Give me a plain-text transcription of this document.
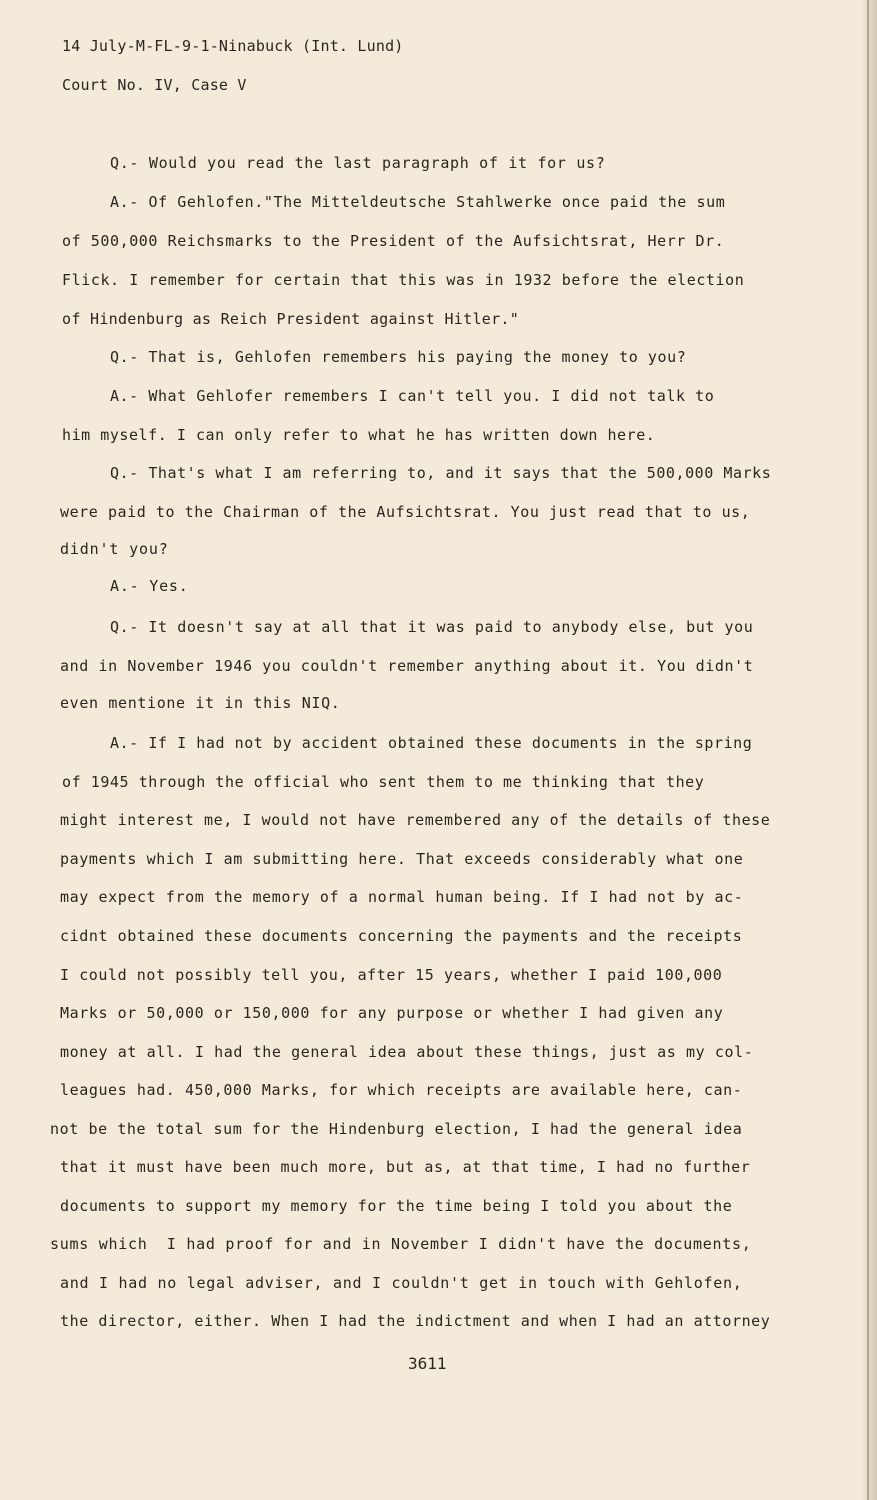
14 July-M-FL-9-1-Ninabuck (Int. Lund)
Court No. IV, Case V
Q.- Would you read the last paragraph of it for us?
A.- Of Gehlofen."The Mitteldeutsche Stahlwerke once paid the sum
of 500,000 Reichsmarks to the President of the Aufsichtsrat, Herr Dr.
Flick. I remember for certain that this was in 1932 before the election
of Hindenburg as Reich President against Hitler."
Q.- That is, Gehlofen remembers his paying the money to you?
A.- What Gehlofer remembers I can't tell you. I did not talk to
him myself. I can only refer to what he has written down here.
Q.- That's what I am referring to, and it says that the 500,000 Marks
were paid to the Chairman of the Aufsichtsrat. You just read that to us,
didn't you?
A.- Yes.
Q.- It doesn't say at all that it was paid to anybody else, but you
and in November 1946 you couldn't remember anything about it. You didn't
even mentione it in this NIQ.
A.- If I had not by accident obtained these documents in the spring
of 1945 through the official who sent them to me thinking that they
might interest me, I would not have remembered any of the details of these
payments which I am submitting here. That exceeds considerably what one
may expect from the memory of a normal human being. If I had not by ac-
cidnt obtained these documents concerning the payments and the receipts
I could not possibly tell you, after 15 years, whether I paid 100,000
Marks or 50,000 or 150,000 for any purpose or whether I had given any
money at all. I had the general idea about these things, just as my col-
leagues had. 450,000 Marks, for which receipts are available here, can-
not be the total sum for the Hindenburg election, I had the general idea
that it must have been much more, but as, at that time, I had no further
documents to support my memory for the time being I told you about the
sums which  I had proof for and in November I didn't have the documents,
and I had no legal adviser, and I couldn't get in touch with Gehlofen,
the director, either. When I had the indictment and when I had an attorney
3611
